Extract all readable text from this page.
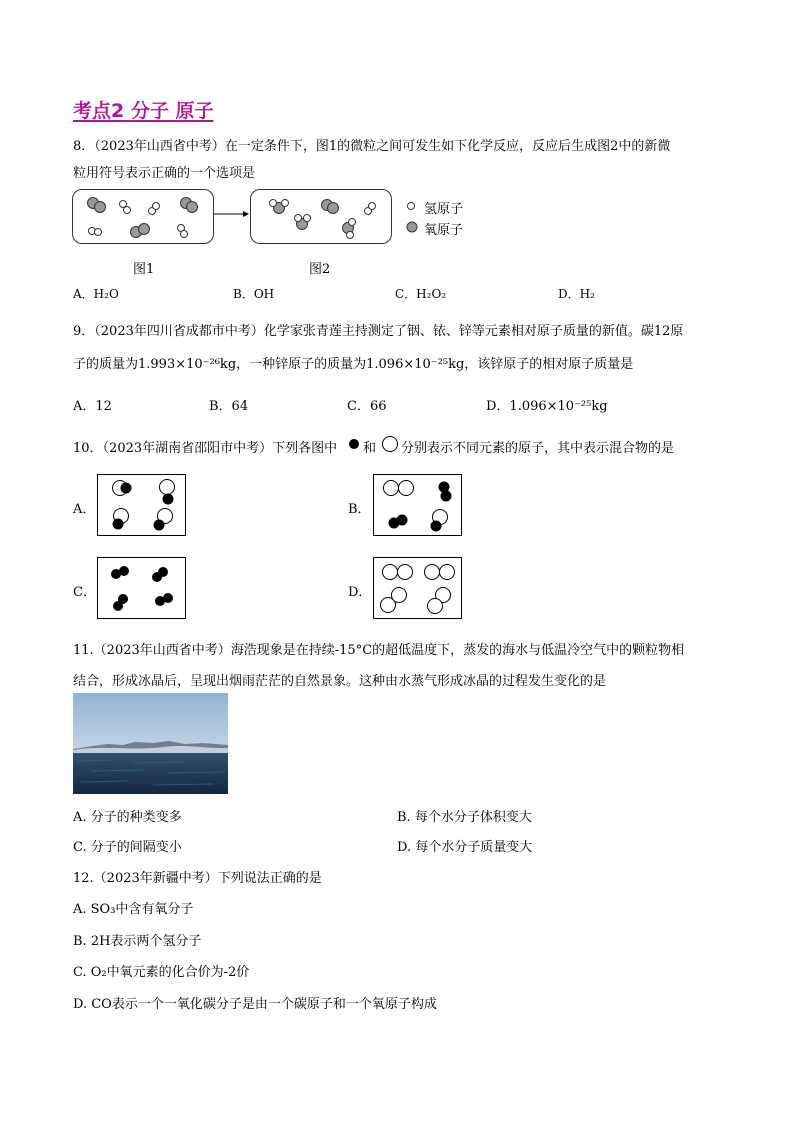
考点2 分子 原子
8．（2023年山西省中考）在一定条件下，图1的微粒之间可发生如下化学反应，反应后生成图2中的新微
粒用符号表示正确的一个选项是
氢原子
氧原子
图1	图2
A．H₂O	B．OH	C．H₂O₂	D．H₂
9．（2023年四川省成都市中考）化学家张青莲主持测定了铟、铱、锌等元素相对原子质量的新值。碳12原
子的质量为1.993×10⁻²⁶kg，一种锌原子的质量为1.096×10⁻²⁵kg，该锌原子的相对原子质量是
A．12	B．64	C．66	D．1.096×10⁻²⁵kg
10．（2023年湖南省邵阳市中考）下列各图中 和 分别表示不同元素的原子，其中表示混合物的是
A．	B．
C．	D．
11.（2023年山西省中考）海浩现象是在持续-15°C的超低温度下，蒸发的海水与低温冷空气中的颗粒物相
结合，形成冰晶后，呈现出烟雨茫茫的自然景象。这种由水蒸气形成冰晶的过程发生变化的是
A. 分子的种类变多	B. 每个水分子体积变大
C. 分子的间隔变小	D. 每个水分子质量变大
12.（2023年新疆中考）下列说法正确的是
A. SO₃中含有氧分子
B. 2H表示两个氢分子
C. O₂中氧元素的化合价为-2价
D. CO表示一个一氧化碳分子是由一个碳原子和一个氧原子构成
